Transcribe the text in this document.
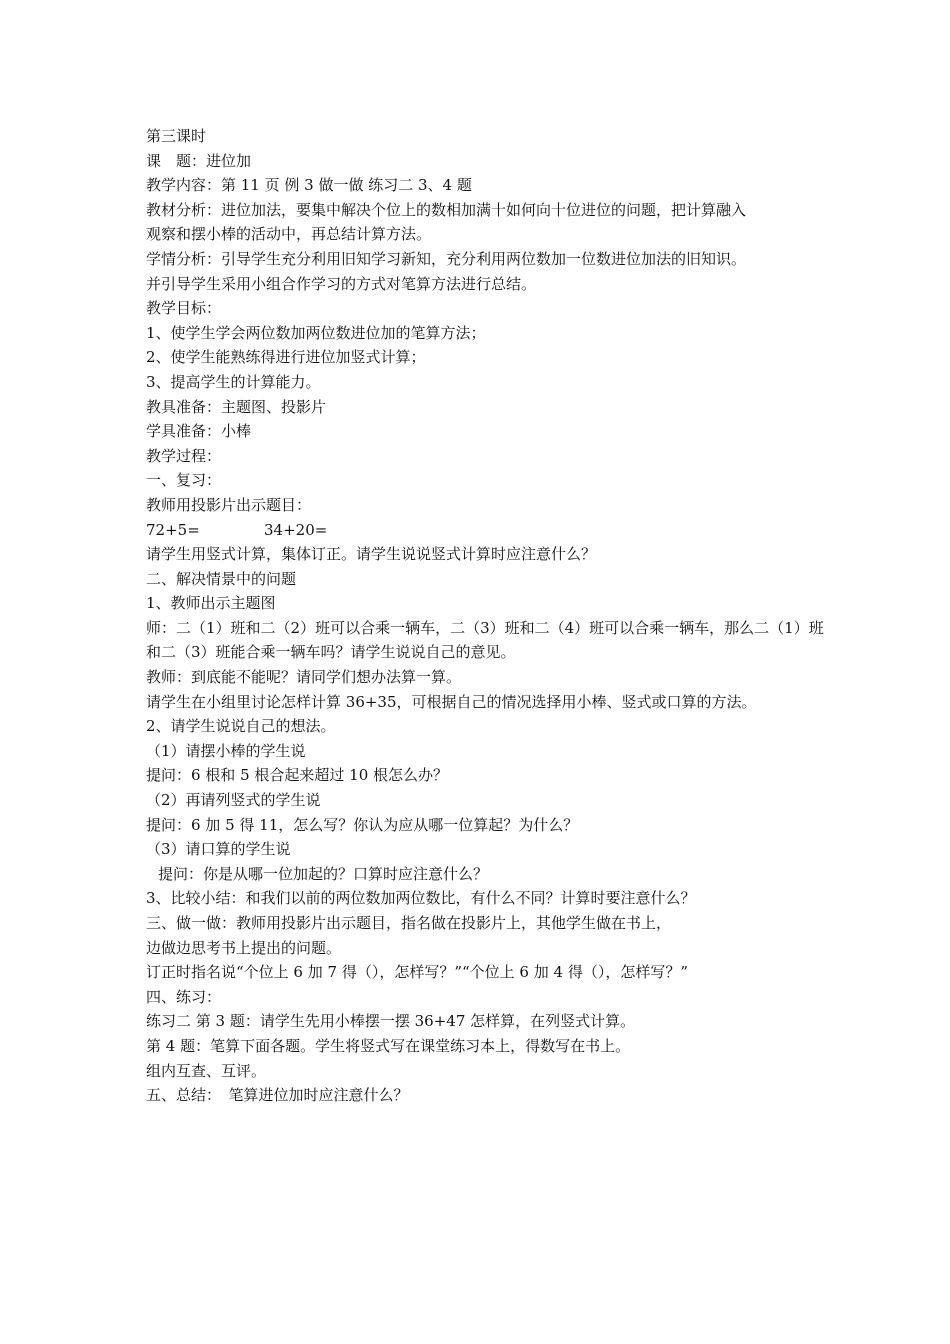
第三课时
课　题：进位加
教学内容：第 11 页 例 3 做一做 练习二 3、4 题
教材分析：进位加法，要集中解决个位上的数相加满十如何向十位进位的问题，把计算融入
观察和摆小棒的活动中，再总结计算方法。
学情分析：引导学生充分利用旧知学习新知，充分利用两位数加一位数进位加法的旧知识。
并引导学生采用小组合作学习的方式对笔算方法进行总结。
教学目标：
1、使学生学会两位数加两位数进位加的笔算方法；
2、使学生能熟练得进行进位加竖式计算；
3、提高学生的计算能力。
教具准备：主题图、投影片
学具准备：小棒
教学过程：
一、复习：
教师用投影片出示题目：
72+5=	34+20=
请学生用竖式计算，集体订正。请学生说说竖式计算时应注意什么？
二、解决情景中的问题
1、教师出示主题图
师：二（1）班和二（2）班可以合乘一辆车，二（3）班和二（4）班可以合乘一辆车，那么二（1）班
和二（3）班能合乘一辆车吗？请学生说说自己的意见。
教师：到底能不能呢？请同学们想办法算一算。
请学生在小组里讨论怎样计算 36+35，可根据自己的情况选择用小棒、竖式或口算的方法。
2、请学生说说自己的想法。
（1）请摆小棒的学生说
提问：6 根和 5 根合起来超过 10 根怎么办？
（2）再请列竖式的学生说
提问：6 加 5 得 11，怎么写？你认为应从哪一位算起？为什么？
（3）请口算的学生说
提问：你是从哪一位加起的？口算时应注意什么？
3、比较小结：和我们以前的两位数加两位数比，有什么不同？计算时要注意什么？
三、做一做：教师用投影片出示题目，指名做在投影片上，其他学生做在书上，
边做边思考书上提出的问题。
订正时指名说“个位上 6 加 7 得（），怎样写？”“个位上 6 加 4 得（），怎样写？”
四、练习：
练习二 第 3 题：请学生先用小棒摆一摆 36+47 怎样算，在列竖式计算。
第 4 题：笔算下面各题。学生将竖式写在课堂练习本上，得数写在书上。
组内互查、互评。
五、总结：　笔算进位加时应注意什么？
